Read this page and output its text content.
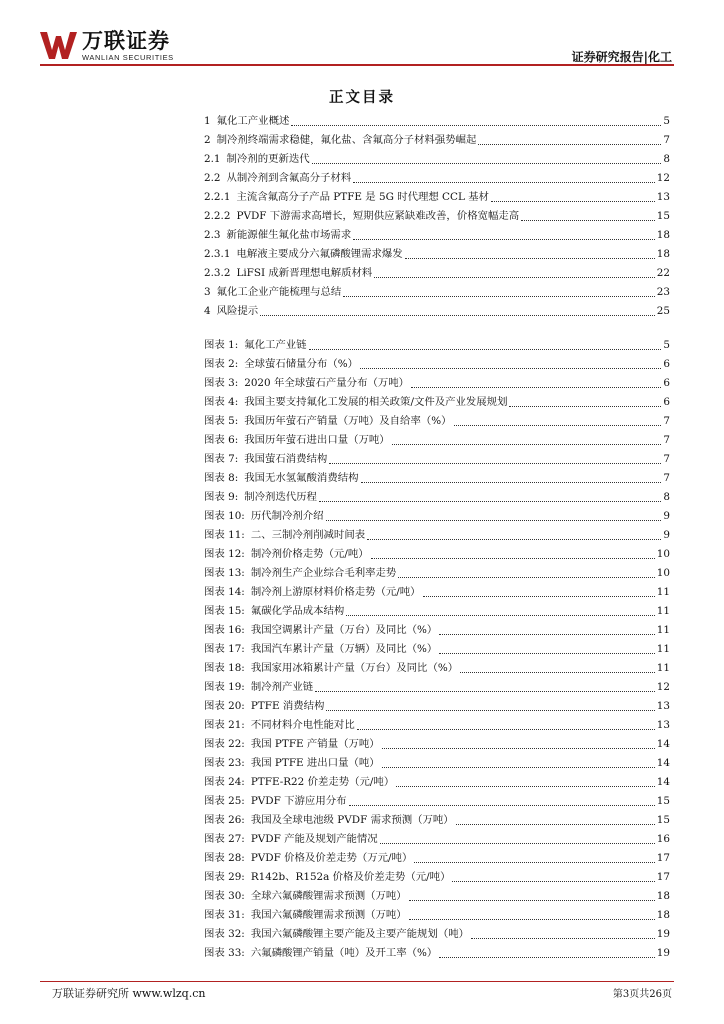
万联证券
WANLIAN SECURITIES	证券研究报告|化工
正文目录
1 氟化工产业概述	5
2 制冷剂终端需求稳健，氟化盐、含氟高分子材料强势崛起	7
2.1 制冷剂的更新迭代	8
2.2 从制冷剂到含氟高分子材料	12
2.2.1 主流含氟高分子产品 PTFE 是 5G 时代理想 CCL 基材	13
2.2.2 PVDF 下游需求高增长，短期供应紧缺难改善，价格宽幅走高	15
2.3 新能源催生氟化盐市场需求	18
2.3.1 电解液主要成分六氟磷酸锂需求爆发	18
2.3.2 LiFSI 成新晋理想电解质材料	22
3 氟化工企业产能梳理与总结	23
4 风险提示	25
图表 1: 氟化工产业链	5
图表 2: 全球萤石储量分布（%）	6
图表 3: 2020 年全球萤石产量分布（万吨）	6
图表 4: 我国主要支持氟化工发展的相关政策/文件及产业发展规划	6
图表 5: 我国历年萤石产销量（万吨）及自给率（%）	7
图表 6: 我国历年萤石进出口量（万吨）	7
图表 7: 我国萤石消费结构	7
图表 8: 我国无水氢氟酸消费结构	7
图表 9: 制冷剂迭代历程	8
图表 10: 历代制冷剂介绍	9
图表 11: 二、三制冷剂削减时间表	9
图表 12: 制冷剂价格走势（元/吨）	10
图表 13: 制冷剂生产企业综合毛利率走势	10
图表 14: 制冷剂上游原材料价格走势（元/吨）	11
图表 15: 氟碳化学品成本结构	11
图表 16: 我国空调累计产量（万台）及同比（%）	11
图表 17: 我国汽车累计产量（万辆）及同比（%）	11
图表 18: 我国家用冰箱累计产量（万台）及同比（%）	11
图表 19: 制冷剂产业链	12
图表 20: PTFE 消费结构	13
图表 21: 不同材料介电性能对比	13
图表 22: 我国 PTFE 产销量（万吨）	14
图表 23: 我国 PTFE 进出口量（吨）	14
图表 24: PTFE-R22 价差走势（元/吨）	14
图表 25: PVDF 下游应用分布	15
图表 26: 我国及全球电池级 PVDF 需求预测（万吨）	15
图表 27: PVDF 产能及规划产能情况	16
图表 28: PVDF 价格及价差走势（万元/吨）	17
图表 29: R142b、R152a 价格及价差走势（元/吨）	17
图表 30: 全球六氟磷酸锂需求预测（万吨）	18
图表 31: 我国六氟磷酸锂需求预测（万吨）	18
图表 32: 我国六氟磷酸锂主要产能及主要产能规划（吨）	19
图表 33: 六氟磷酸锂产销量（吨）及开工率（%）	19
万联证券研究所 www.wlzq.cn	第3页共26页
